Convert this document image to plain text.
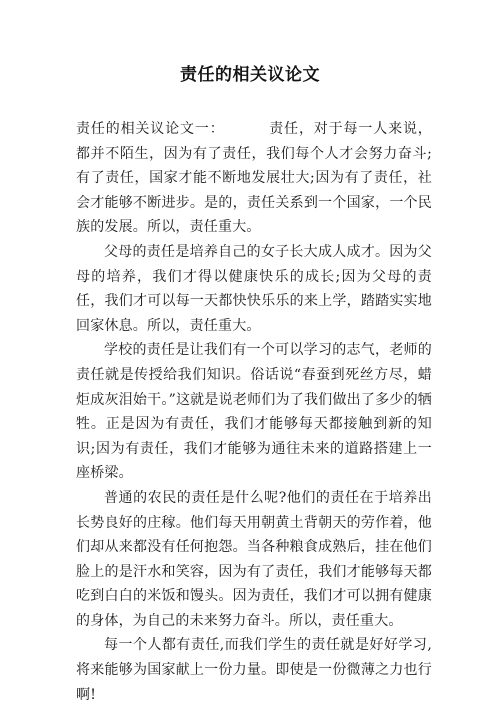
责任的相关议论文

责任的相关议论文一：	责任，对于每一人来说，都并不陌生，因为有了责任，我们每个人才会努力奋斗;有了责任，国家才能不断地发展壮大;因为有了责任，社会才能够不断进步。是的，责任关系到一个国家，一个民族的发展。所以，责任重大。

父母的责任是培养自己的女子长大成人成才。因为父母的培养，我们才得以健康快乐的成长;因为父母的责任，我们才可以每一天都快快乐乐的来上学，踏踏实实地回家休息。所以，责任重大。

学校的责任是让我们有一个可以学习的志气，老师的责任就是传授给我们知识。俗话说“春蚕到死丝方尽，蜡炬成灰泪始干。”这就是说老师们为了我们做出了多少的牺牲。正是因为有责任，我们才能够每天都接触到新的知识;因为有责任，我们才能够为通往未来的道路搭建上一座桥梁。

普通的农民的责任是什么呢?他们的责任在于培养出长势良好的庄稼。他们每天用朝黄土背朝天的劳作着，他们却从来都没有任何抱怨。当各种粮食成熟后，挂在他们脸上的是汗水和笑容，因为有了责任，我们才能够每天都吃到白白的米饭和馒头。因为责任，我们才可以拥有健康的身体，为自己的未来努力奋斗。所以，责任重大。

每一个人都有责任,而我们学生的责任就是好好学习,将来能够为国家献上一份力量。即使是一份微薄之力也行啊!
